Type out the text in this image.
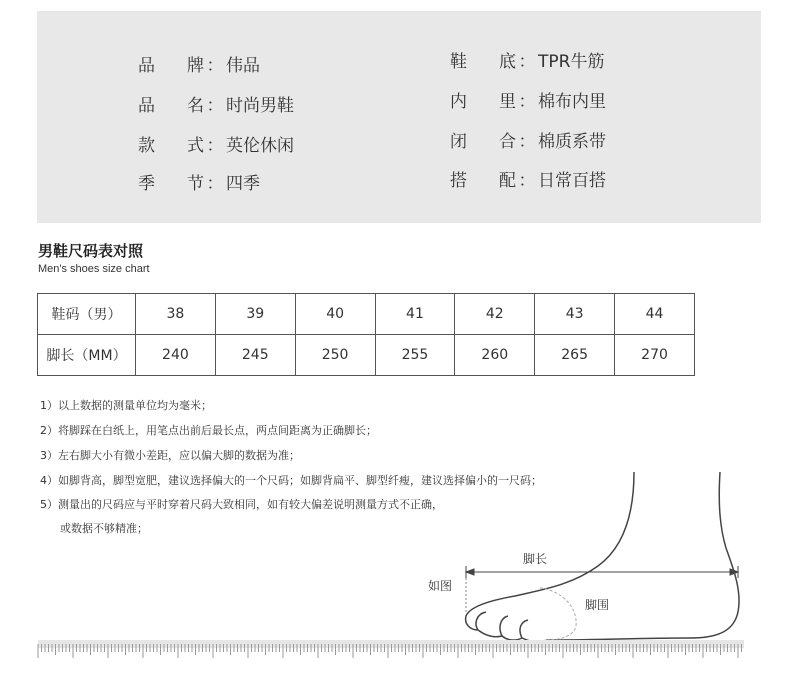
品牌 ： 伟品
品名 ： 时尚男鞋
款式 ： 英伦休闲
季节 ： 四季
鞋底 ： TPR牛筋
内里 ： 棉布内里
闭合 ： 棉质系带
搭配 ： 日常百搭
男鞋尺码表对照
Men's shoes size chart
鞋码（男）	38	39	40	41	42	43	44
脚长（MM）	240	245	250	255	260	265	270
1）以上数据的测量单位均为毫米；
2）将脚踩在白纸上，用笔点出前后最长点，两点间距离为正确脚长；
3）左右脚大小有微小差距，应以偏大脚的数据为准；
4）如脚背高，脚型宽肥，建议选择偏大的一个尺码；如脚背扁平、脚型纤瘦，建议选择偏小的一尺码；
5）测量出的尺码应与平时穿着尺码大致相同，如有较大偏差说明测量方式不正确，
或数据不够精准；
脚长
如图
脚围
